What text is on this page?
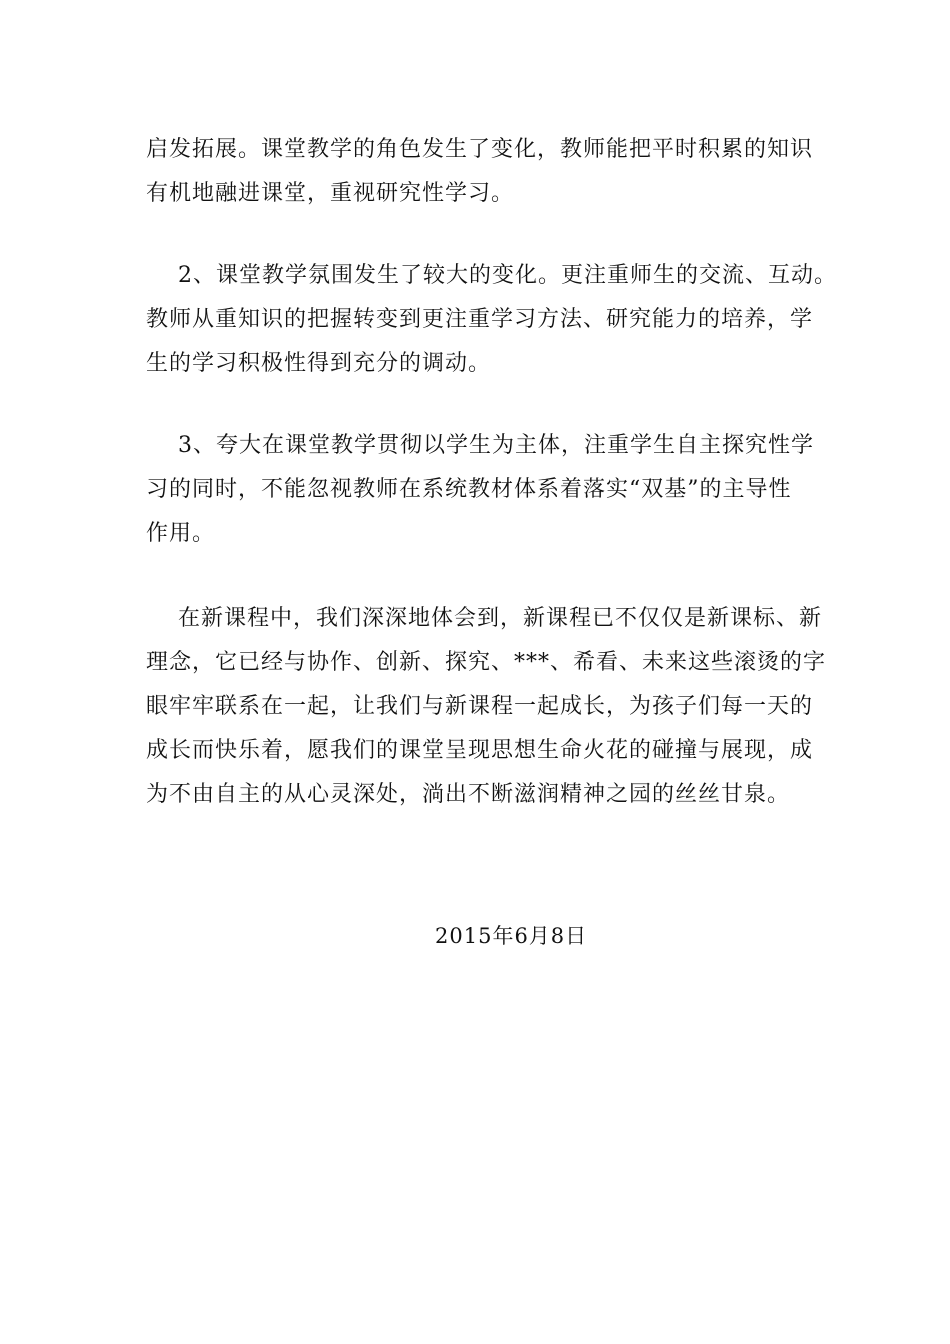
启发拓展。课堂教学的角色发生了变化，教师能把平时积累的知识
有机地融进课堂，重视研究性学习。

2、课堂教学氛围发生了较大的变化。更注重师生的交流、互动。
教师从重知识的把握转变到更注重学习方法、研究能力的培养，学
生的学习积极性得到充分的调动。

3、夸大在课堂教学贯彻以学生为主体，注重学生自主探究性学
习的同时，不能忽视教师在系统教材体系着落实“双基”的主导性
作用。

在新课程中，我们深深地体会到，新课程已不仅仅是新课标、新
理念，它已经与协作、创新、探究、***、希看、未来这些滚烫的字
眼牢牢联系在一起，让我们与新课程一起成长，为孩子们每一天的
成长而快乐着，愿我们的课堂呈现思想生命火花的碰撞与展现，成
为不由自主的从心灵深处，淌出不断滋润精神之园的丝丝甘泉。

2015年6月8日
